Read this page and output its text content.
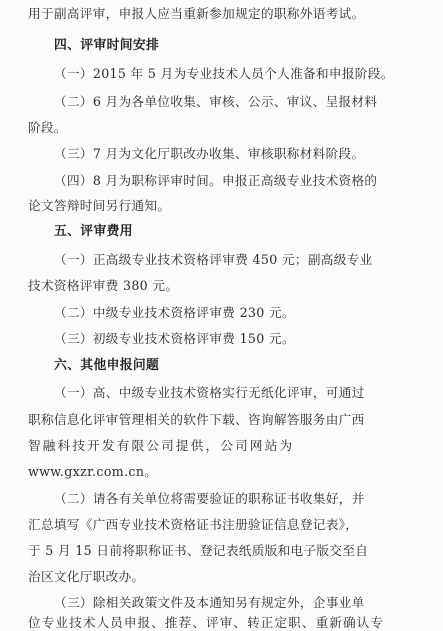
用于副高评审，申报人应当重新参加规定的职称外语考试。
四、评审时间安排
（一）2015 年 5 月为专业技术人员个人准备和申报阶段。
（二）6 月为各单位收集、审核、公示、审议、呈报材料
阶段。
（三）7 月为文化厅职改办收集、审核职称材料阶段。
（四）8 月为职称评审时间。申报正高级专业技术资格的
论文答辩时间另行通知。
五、评审费用
（一）正高级专业技术资格评审费 450 元；副高级专业
技术资格评审费 380 元。
（二）中级专业技术资格评审费 230 元。
（三）初级专业技术资格评审费 150 元。
六、其他申报问题
（一）高、中级专业技术资格实行无纸化评审，可通过
职称信息化评审管理相关的软件下载、咨询解答服务由广西
智融科技开发有限公司提供，公司网站为
www.gxzr.com.cn。
（二）请各有关单位将需要验证的职称证书收集好，并
汇总填写《广西专业技术资格证书注册验证信息登记表》，
于 5 月 15 日前将职称证书、登记表纸质版和电子版交至自
治区文化厅职改办。
（三）除相关政策文件及本通知另有规定外，企事业单
位专业技术人员申报、推荐、评审、转正定职、重新确认专
